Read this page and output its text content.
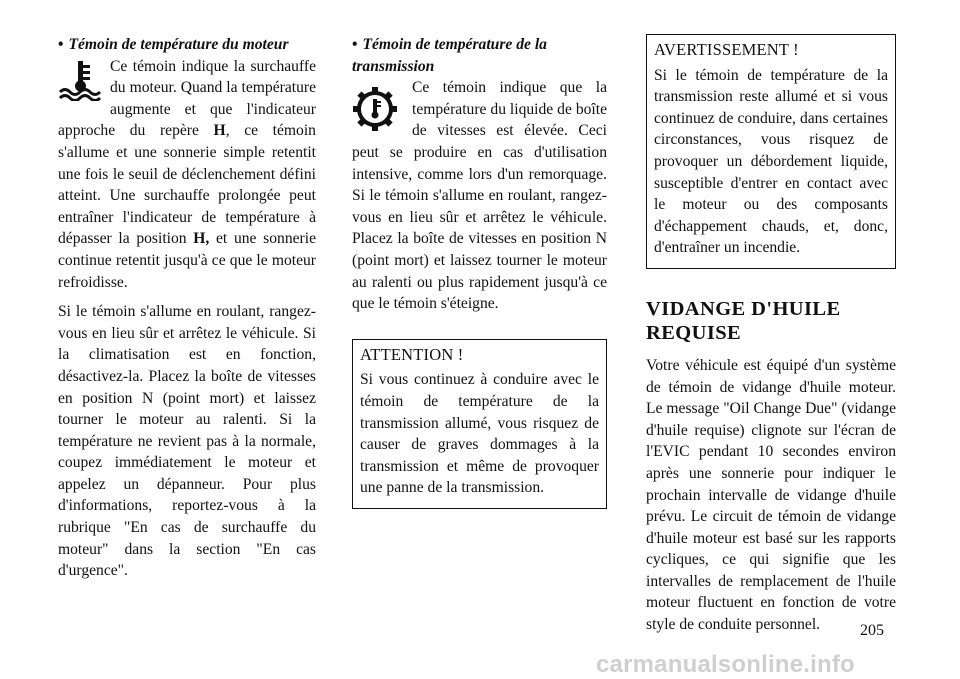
• Témoin de température du moteur

Ce témoin indique la surchauffe du moteur. Quand la température augmente et que l'indicateur approche du repère H, ce témoin s'allume et une sonnerie simple retentit une fois le seuil de déclenchement défini atteint. Une surchauffe prolongée peut entraîner l'indicateur de température à dépasser la position H, et une sonnerie continue retentit jusqu'à ce que le moteur refroidisse.

Si le témoin s'allume en roulant, rangez-vous en lieu sûr et arrêtez le véhicule. Si la climatisation est en fonction, désactivez-la. Placez la boîte de vitesses en position N (point mort) et laissez tourner le moteur au ralenti. Si la température ne revient pas à la normale, coupez immédiatement le moteur et appelez un dépanneur. Pour plus d'informations, reportez-vous à la rubrique "En cas de surchauffe du moteur" dans la section "En cas d'urgence".

• Témoin de température de la transmission

Ce témoin indique que la température du liquide de boîte de vitesses est élevée. Ceci peut se produire en cas d'utilisation intensive, comme lors d'un remorquage. Si le témoin s'allume en roulant, rangez-vous en lieu sûr et arrêtez le véhicule. Placez la boîte de vitesses en position N (point mort) et laissez tourner le moteur au ralenti ou plus rapidement jusqu'à ce que le témoin s'éteigne.

ATTENTION !
Si vous continuez à conduire avec le témoin de température de la transmission allumé, vous risquez de causer de graves dommages à la transmission et même de provoquer une panne de la transmission.
AVERTISSEMENT !
Si le témoin de température de la transmission reste allumé et si vous continuez de conduire, dans certaines circonstances, vous risquez de provoquer un débordement liquide, susceptible d'entrer en contact avec le moteur ou des composants d'échappement chauds, et, donc, d'entraîner un incendie.
VIDANGE D'HUILE REQUISE

Votre véhicule est équipé d'un système de témoin de vidange d'huile moteur. Le message "Oil Change Due" (vidange d'huile requise) clignote sur l'écran de l'EVIC pendant 10 secondes environ après une sonnerie pour indiquer le prochain intervalle de vidange d'huile prévu. Le circuit de témoin de vidange d'huile moteur est basé sur les rapports cycliques, ce qui signifie que les intervalles de remplacement de l'huile moteur fluctuent en fonction de votre style de conduite personnel.	205
carmanualsonline.info
